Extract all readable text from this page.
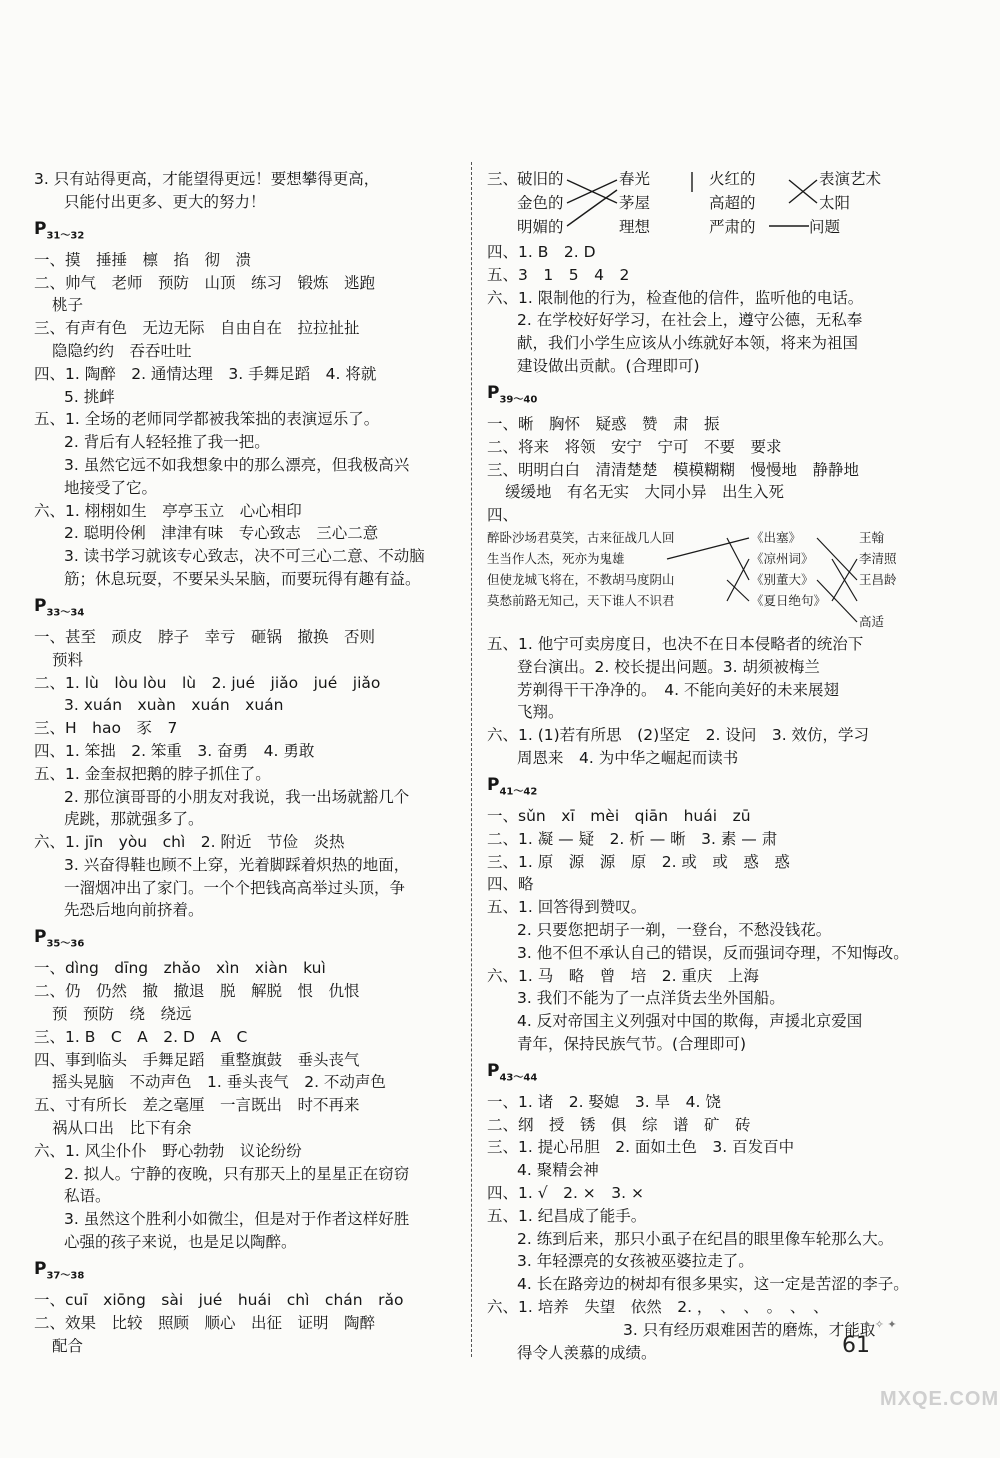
3. 只有站得更高，才能望得更远！要想攀得更高，
只能付出更多、更大的努力！
$P_{31\sim 32}$
一、摸　捶捶　檩　掐　彻　溃
二、帅气　老师　预防　山顶　练习　锻炼　逃跑
桃子
三、有声有色　无边无际　自由自在　拉拉扯扯
隐隐约约　吞吞吐吐
四、1. 陶醉　2. 通情达理　3. 手舞足蹈　4. 将就
5. 挑衅
五、1. 全场的老师同学都被我笨拙的表演逗乐了。
2. 背后有人轻轻推了我一把。
3. 虽然它远不如我想象中的那么漂亮，但我极高兴
地接受了它。
六、1. 栩栩如生　亭亭玉立　心心相印
2. 聪明伶俐　津津有味　专心致志　三心二意
3. 读书学习就该专心致志，决不可三心二意、不动脑
筋；休息玩耍，不要呆头呆脑，而要玩得有趣有益。
$P_{33\sim 34}$
一、甚至　顽皮　脖子　幸亏　砸锅　撤换　否则
预料
二、1. lù　lòu lòu　lù　2. jué　jiǎo　jué　jiǎo
3. xuán　xuàn　xuán　xuán
三、H　hao　豕　7
四、1. 笨拙　2. 笨重　3. 奋勇　4. 勇敢
五、1. 金奎叔把鹅的脖子抓住了。
2. 那位演哥哥的小朋友对我说，我一出场就豁几个
虎跳，那就强多了。
六、1. jīn　yòu　chì　2. 附近　节俭　炎热
3. 兴奋得鞋也顾不上穿，光着脚踩着炽热的地面，
一溜烟冲出了家门。一个个把钱高高举过头顶，争
先恐后地向前挤着。
$P_{35\sim 36}$
一、dìng　dīng　zhǎo　xìn　xiàn　kuì
二、仍　仍然　撤　撤退　脱　解脱　恨　仇恨
预　预防　绕　绕远
三、1. B　C　A　2. D　A　C
四、事到临头　手舞足蹈　重整旗鼓　垂头丧气
摇头晃脑　不动声色　1. 垂头丧气　2. 不动声色
五、寸有所长　差之毫厘　一言既出　时不再来
祸从口出　比下有余
六、1. 风尘仆仆　野心勃勃　议论纷纷
2. 拟人。宁静的夜晚，只有那天上的星星正在窃窃
私语。
3. 虽然这个胜利小如微尘，但是对于作者这样好胜
心强的孩子来说，也是足以陶醉。
$P_{37\sim 38}$
一、cuī　xiōng　sài　jué　huái　chì　chán　rǎo
二、效果　比较　照顾　顺心　出征　证明　陶醉
配合
三、
破旧的
金色的
明媚的
春光
茅屋
理想
火红的
高超的
严肃的
表演艺术
太阳
问题
四、1. B　2. D
五、3　1　5　4　2
六、1. 限制他的行为，检查他的信件，监听他的电话。
2. 在学校好好学习，在社会上，遵守公德，无私奉
献，我们小学生应该从小练就好本领，将来为祖国
建设做出贡献。(合理即可)
$P_{39\sim 40}$
一、晰　胸怀　疑惑　赞　肃　振
二、将来　将领　安宁　宁可　不要　要求
三、明明白白　清清楚楚　模模糊糊　慢慢地　静静地
缓缓地　有名无实　大同小异　出生入死
四、
醉卧沙场君莫笑，古来征战几人回
生当作人杰，死亦为鬼雄
但使龙城飞将在，不教胡马度阴山
莫愁前路无知己，天下谁人不识君
《出塞》
《凉州词》
《别董大》
《夏日绝句》
王翰
李清照
王昌龄
高适
五、1. 他宁可卖房度日，也决不在日本侵略者的统治下
登台演出。2. 校长提出问题。3. 胡须被梅兰
芳剃得干干净净的。　4. 不能向美好的未来展翅
飞翔。
六、1. (1)若有所思　(2)坚定　2. 设问　3. 效仿，学习
周恩来　4. 为中华之崛起而读书
$P_{41\sim 42}$
一、sǔn　xī　mèi　qiān　huái　zū
二、1. 凝 — 疑　2. 析 — 晰　3. 素 — 肃
三、1. 原　源　源　原　2. 或　或　惑　惑
四、略
五、1. 回答得到赞叹。
2. 只要您把胡子一剃，一登台，不愁没钱花。
3. 他不但不承认自己的错误，反而强词夺理，不知悔改。
六、1. 马　略　曾　培　2. 重庆　上海
3. 我们不能为了一点洋货去坐外国船。
4. 反对帝国主义列强对中国的欺侮，声援北京爱国
青年，保持民族气节。(合理即可)
$P_{43\sim 44}$
一、1. 诸　2. 娶媳　3. 旱　4. 饶
二、纲　授　锈　俱　综　谱　矿　砖
三、1. 提心吊胆　2. 面如土色　3. 百发百中
4. 聚精会神
四、1. √　2. ×　3. ×
五、1. 纪昌成了能手。
2. 练到后来，那只小虱子在纪昌的眼里像车轮那么大。
3. 年轻漂亮的女孩被巫婆拉走了。
4. 长在路旁边的树却有很多果实，这一定是苦涩的李子。
六、1. 培养　失望　依然　2. ，　、　、　。　、　、
3. 只有经历艰难困苦的磨炼，才能取
得令人羡慕的成绩。
✦ ✧ ✦
61
MXQE.COM
